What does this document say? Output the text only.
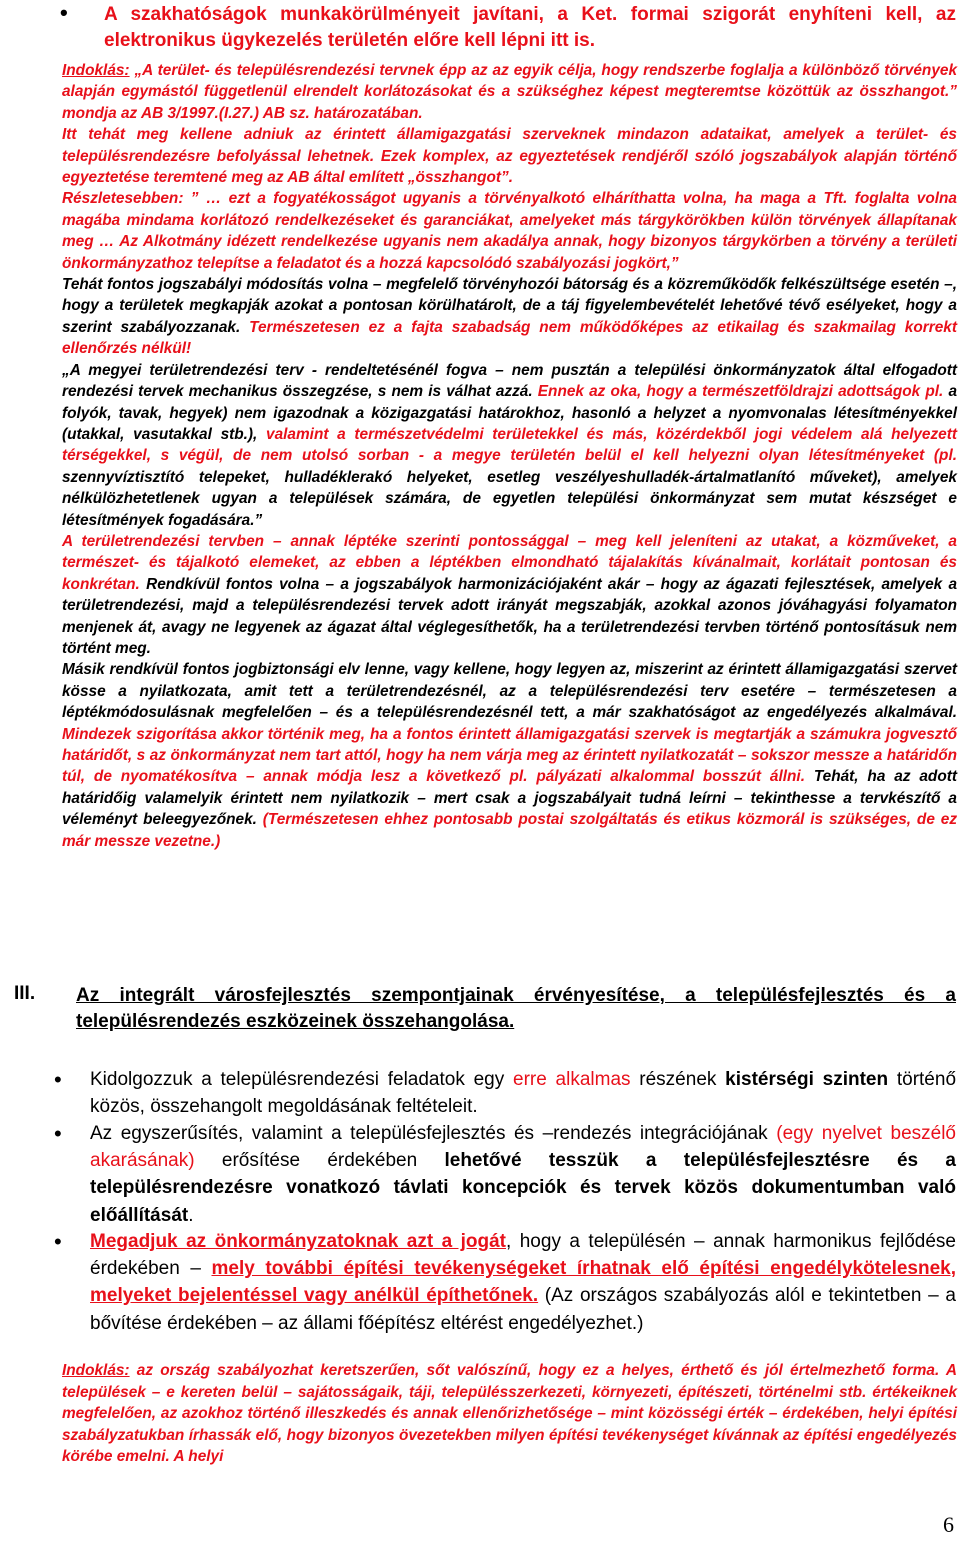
• A szakhatóságok munkakörülményeit javítani, a Ket. formai szigorát enyhíteni kell, az elektronikus ügykezelés területén előre kell lépni itt is.
Indoklás: „A terület- és településrendezési tervnek épp az az egyik célja, hogy rendszerbe foglalja a különböző törvények alapján egymástól függetlenül elrendelt korlátozásokat és a szükséghez képest megteremtse közöttük az összhangot.” mondja az AB 3/1997.(I.27.) AB sz. határozatában.
Itt tehát meg kellene adniuk az érintett államigazgatási szerveknek mindazon adataikat, amelyek a terület- és településrendezésre befolyással lehetnek. Ezek komplex, az egyeztetések rendjéről szóló jogszabályok alapján történő egyeztetése teremtené meg az AB által említett „összhangot”.
Részletesebben: ” … ezt a fogyatékosságot ugyanis a törvényalkotó elháríthatta volna, ha maga a Tft. foglalta volna magába mindama korlátozó rendelkezéseket és garanciákat, amelyeket más tárgykörökben külön törvények állapítanak meg … Az Alkotmány idézett rendelkezése ugyanis nem akadálya annak, hogy bizonyos tárgykörben a törvény a területi önkormányzathoz telepítse a feladatot és a hozzá kapcsolódó szabályozási jogkört,”
Tehát fontos jogszabályi módosítás volna – megfelelő törvényhozói bátorság és a közreműködők felkészültsége esetén –, hogy a területek megkapják azokat a pontosan körülhatárolt, de a táj figyelembevételét lehetővé tévő esélyeket, hogy a szerint szabályozzanak. Természetesen ez a fajta szabadság nem működőképes az etikailag és szakmailag korrekt ellenőrzés nélkül!
„A megyei területrendezési terv - rendeltetésénél fogva – nem pusztán a települési önkormányzatok által elfogadott rendezési tervek mechanikus összegzése, s nem is válhat azzá. Ennek az oka, hogy a természetföldrajzi adottságok pl. a folyók, tavak, hegyek) nem igazodnak a közigazgatási határokhoz, hasonló a helyzet a nyomvonalas létesítményekkel (utakkal, vasutakkal stb.), valamint a természetvédelmi területekkel és más, közérdekből jogi védelem alá helyezett térségekkel, s végül, de nem utolsó sorban - a megye területén belül el kell helyezni olyan létesítményeket (pl. szennyvíztisztító telepeket, hulladéklerakó helyeket, esetleg veszélyeshulladék-ártalmatlanító műveket), amelyek nélkülözhetetlenek ugyan a települések számára, de egyetlen települési önkormányzat sem mutat készséget e létesítmények fogadására.”
A területrendezési tervben – annak léptéke szerinti pontossággal – meg kell jeleníteni az utakat, a közműveket, a természet- és tájalkotó elemeket, az ebben a léptékben elmondható tájalakítás kívánalmait, korlátait pontosan és konkrétan. Rendkívül fontos volna – a jogszabályok harmonizációjaként akár – hogy az ágazati fejlesztések, amelyek a területrendezési, majd a településrendezési tervek adott irányát megszabják, azokkal azonos jóváhagyási folyamaton menjenek át, avagy ne legyenek az ágazat által véglegesíthetők, ha a területrendezési tervben történő pontosításuk nem történt meg.
Másik rendkívül fontos jogbiztonsági elv lenne, vagy kellene, hogy legyen az, miszerint az érintett államigazgatási szervet kösse a nyilatkozata, amit tett a területrendezésnél, az a településrendezési terv esetére – természetesen a léptékmódosulásnak megfelelően – és a településrendezésnél tett, a már szakhatóságot az engedélyezés alkalmával. Mindezek szigorítása akkor történik meg, ha a fontos érintett államigazgatási szervek is megtartják a számukra jogvesztő határidőt, s az önkormányzat nem tart attól, hogy ha nem várja meg az érintett nyilatkozatát – sokszor messze a határidőn túl, de nyomatékosítva – annak módja lesz a következő pl. pályázati alkalommal bosszút állni. Tehát, ha az adott határidőig valamelyik érintett nem nyilatkozik – mert csak a jogszabályait tudná leírni – tekinthesse a tervkészítő a véleményt beleegyezőnek. (Természetesen ehhez pontosabb postai szolgáltatás és etikus közmorál is szükséges, de ez már messze vezetne.)
III. Az integrált városfejlesztés szempontjainak érvényesítése, a településfejlesztés és a településrendezés eszközeinek összehangolása.
• Kidolgozzuk a településrendezési feladatok egy erre alkalmas részének kistérségi szinten történő közös, összehangolt megoldásának feltételeit.
• Az egyszerűsítés, valamint a településfejlesztés és –rendezés integrációjának (egy nyelvet beszélő akarásának) erősítése érdekében lehetővé tesszük a településfejlesztésre és a településrendezésre vonatkozó távlati koncepciók és tervek közös dokumentumban való előállítását.
• Megadjuk az önkormányzatoknak azt a jogát, hogy a településén – annak harmonikus fejlődése érdekében – mely további építési tevékenységeket írhatnak elő építési engedélykötelesnek, melyeket bejelentéssel vagy anélkül építhetőnek. (Az országos szabályozás alól e tekintetben – a bővítése érdekében – az állami főépítész eltérést engedélyezhet.)
Indoklás: az ország szabályozhat keretszerűen, sőt valószínű, hogy ez a helyes, érthető és jól értelmezhető forma. A települések – e kereten belül – sajátosságaik, táji, településszerkezeti, környezeti, építészeti, történelmi stb. értékeiknek megfelelően, az azokhoz történő illeszkedés és annak ellenőrizhetősége – mint közösségi érték – érdekében, helyi építési szabályzatukban írhassák elő, hogy bizonyos övezetekben milyen építési tevékenységet kívánnak az építési engedélyezés körébe emelni. A helyi
6
